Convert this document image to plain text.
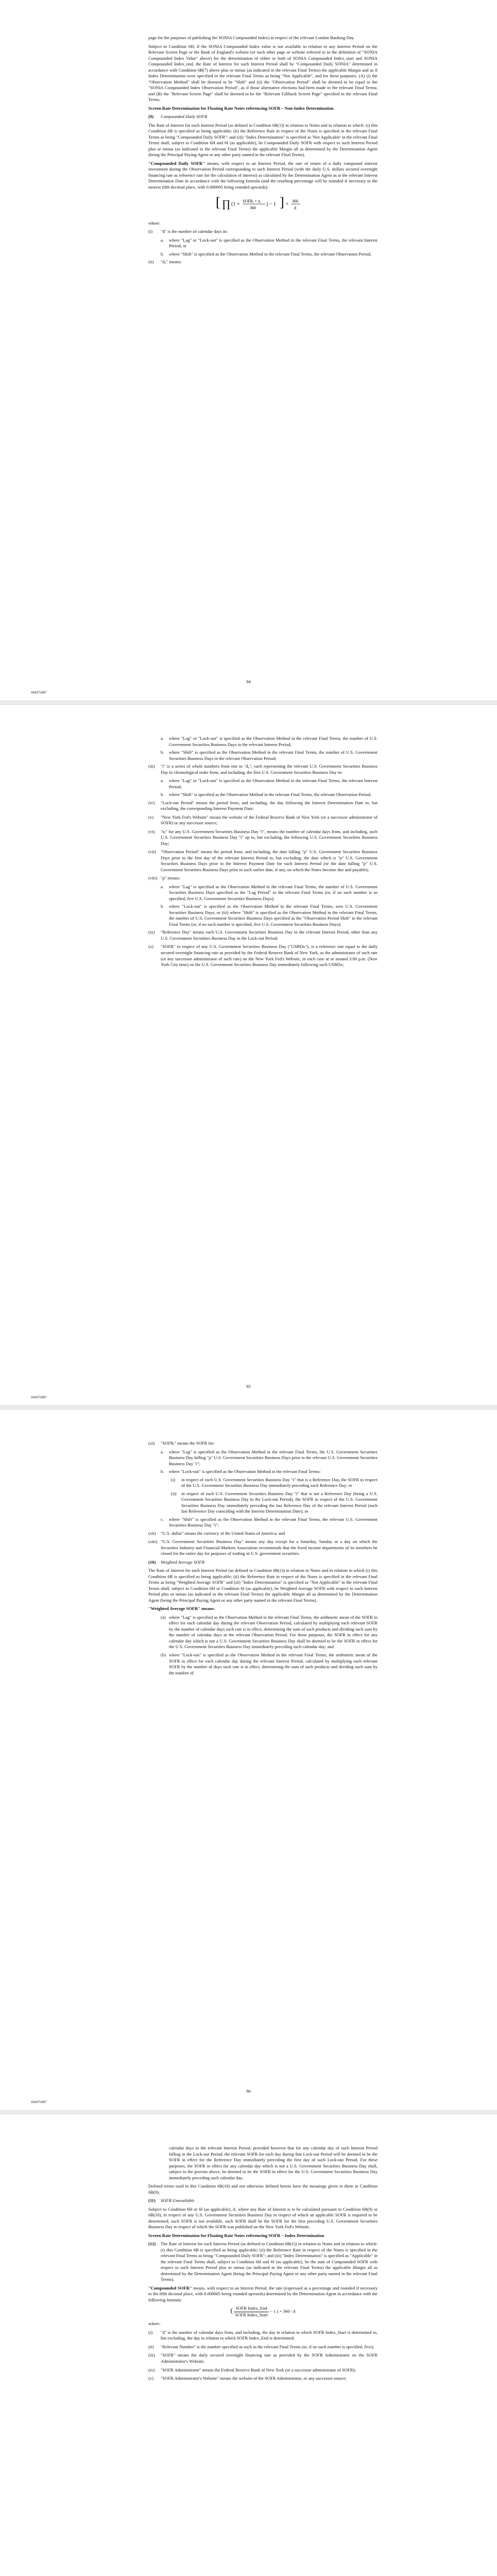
page for the purposes of publishing the SONIA Compounded Index) in respect of the relevant London Banking Day.

Subject to Condition 6H, if the SONIA Compounded Index value is not available in relation to any Interest Period on the Relevant Screen Page or the Bank of England's website (or such other page or website referred to in the definition of "SONIA Compounded Index Value" above) for the determination of either or both of SONIA Compounded Index_start and SONIA Compounded Index_end, the Rate of Interest for such Interest Period shall be "Compounded Daily SONIA" determined in accordance with Condition 6B(7) above plus or minus (as indicated in the relevant Final Terms) the applicable Margin and as if Index Determination were specified in the relevant Final Terms as being "Not Applicable", and for these purposes: (A) (i) the "Observation Method" shall be deemed to be "Shift" and (ii) the "Observation Period" shall be deemed to be equal to the "SONIA Compounded Index Observation Period", as if those alternative elections had been made in the relevant Final Terms; and (B) the "Relevant Screen Page" shall be deemed to be the "Relevant Fallback Screen Page" specified in the relevant Final Terms.

Screen Rate Determination for Floating Rate Notes referencing SOFR – Non-Index Determination
(9)	Compounded Daily SOFR

The Rate of Interest for each Interest Period (as defined in Condition 6B(1)) in relation to Notes and in relation to which: (i) this Condition 6B is specified as being applicable; (ii) the Reference Rate in respect of the Notes is specified in the relevant Final Terms as being "Compounded Daily SOFR"; and (iii) "Index Determination" is specified as 'Not Applicable' in the relevant Final Terms shall, subject to Condition 6H and 6I (as applicable), be Compounded Daily SOFR with respect to such Interest Period plus or minus (as indicated in the relevant Final Terms) the applicable Margin all as determined by the Determination Agent (being the Principal Paying Agent or any other party named in the relevant Final Terms).

"Compounded Daily SOFR" means, with respect to an Interest Period, the rate of return of a daily compound interest investment during the Observation Period corresponding to such Interest Period (with the daily U.S. dollars secured overnight financing rate as reference rate for the calculation of interest) as calculated by the Determination Agent as at the relevant Interest Determination Date in accordance with the following formula (and the resulting percentage will be rounded if necessary to the nearest fifth decimal place, with 0.000005 being rounded upwards):

[ ∏ (1 +
SOFRᵢ × nᵢ
360
) − 1 ] ×
360
d

where:

(i)	"d" is the number of calendar days in:
a.	where "Lag" or "Lock-out" is specified as the Observation Method in the relevant Final Terms, the relevant Interest Period; or
b.	where "Shift" is specified as the Observation Method in the relevant Final Terms, the relevant Observation Period;
(ii)	"d₀" means:
94
A54371667
a.	where "Lag" or "Lock-out" is specified as the Observation Method in the relevant Final Terms, the number of U.S. Government Securities Business Days in the relevant Interest Period;
b.	where "Shift" is specified as the Observation Method in the relevant Final Terms, the number of U.S. Government Securities Business Days in the relevant Observation Period;
(iii)	"i" is a series of whole numbers from one to "d₀", each representing the relevant U.S. Government Securities Business Day in chronological order from, and including, the first U.S. Government Securities Business Day in:
a.	where "Lag" or "Lock-out" is specified as the Observation Method in the relevant Final Terms, the relevant Interest Period;
b.	where "Shift" is specified as the Observation Method in the relevant Final Terms, the relevant Observation Period;
(iv)	"Lock-out Period" means the period from, and including, the day following the Interest Determination Date to, but excluding, the corresponding Interest Payment Date;
(v)	"New York Fed's Website" means the website of the Federal Reserve Bank of New York (or a successor administrator of SOFR) or any successor source;
(vi)	"nᵢ" for any U.S. Government Securities Business Day "i", means the number of calendar days from, and including, such U.S. Government Securities Business Day "i" up to, but excluding, the following U.S. Government Securities Business Day;
(vii)	"Observation Period" means the period from, and including, the date falling "p" U.S. Government Securities Business Days prior to the first day of the relevant Interest Period to, but excluding, the date which is "p" U.S. Government Securities Business Days prior to the Interest Payment Date for such Interest Period (or the date falling "p" U.S. Government Securities Business Days prior to such earlier date, if any, on which the Notes become due and payable);
(viii) "p" means:
a.	where "Lag" is specified as the Observation Method in the relevant Final Terms, the number of U.S. Government Securities Business Days specified as the "Lag Period" in the relevant Final Terms (or, if no such number is so specified, five U.S. Government Securities Business Days);
b.	where "Lock-out" is specified as the Observation Method in the relevant Final Terms, zero U.S. Government Securities Business Days; or (iii) where "Shift" is specified as the Observation Method in the relevant Final Terms, the number of U.S. Government Securities Business Days specified as the "Observation Period Shift" in the relevant Final Terms (or, if no such number is specified, five U.S. Government Securities Business Days);
(ix)	"Reference Day" means each U.S. Government Securities Business Day in the relevant Interest Period, other than any U.S. Government Securities Business Day in the Lock-out Period;
(x)	"SOFR" in respect of any U.S. Government Securities Business Day ("USBDx"), is a reference rate equal to the daily secured overnight financing rate as provided by the Federal Reserve Bank of New York, as the administrator of such rate (or any successor administrator of such rate) on the New York Fed's Website, in each case at or around 3.00 p.m. (New York City time) on the U.S. Government Securities Business Day immediately following such USBDx;
95
A54371667
(xi)	"SOFRᵢ" means the SOFR for:
a.	where "Lag" is specified as the Observation Method in the relevant Final Terms, the U.S. Government Securities Business Day falling "p" U.S. Government Securities Business Days prior to the relevant U.S. Government Securities Business Day "i";
b.	where "Lock-out" is specified as the Observation Method in the relevant Final Terms:
(i)	in respect of each U.S. Government Securities Business Day "i" that is a Reference Day, the SOFR in respect of the U.S. Government Securities Business Day immediately preceding such Reference Day; or
(ii)	in respect of each U.S. Government Securities Business Day "i" that is not a Reference Day (being a U.S. Government Securities Business Day in the Lock-out Period), the SOFR in respect of the U.S. Government Securities Business Day immediately preceding the last Reference Day of the relevant Interest Period (such last Reference Day coinciding with the Interest Determination Date); or
c.	where "Shift" is specified as the Observation Method in the relevant Final Terms, the relevant U.S. Government Securities Business Day "i";
(xii)	"U.S. dollar" means the currency of the United States of America; and
(xiii) "U.S. Government Securities Business Day" means any day except for a Saturday, Sunday or a day on which the Securities Industry and Financial Markets Association recommends that the fixed income departments of its members be closed for the entire day for purposes of trading in U.S. government securities.
(10)	Weighted Average SOFR

The Rate of Interest for each Interest Period (as defined in Condition 6B(1)) in relation to Notes and in relation to which (i) this Condition 6B is specified as being applicable; (ii) the Reference Rate in respect of the Notes is specified in the relevant Final Terms as being "Weighted Average SOFR" and (iii) "Index Determination" is specified as "Not Applicable" in the relevant Final Terms shall, subject to Condition 6H or Condition 6I (as applicable), be Weighted Average SOFR with respect to such Interest Period plus or minus (as indicated in the relevant Final Terms) the applicable Margin all as determined by the Determination Agent (being the Principal Paying Agent or any other party named in the relevant Final Terms).

"Weighted Average SOFR" means:

(a) where "Lag" is specified as the Observation Method in the relevant Final Terms, the arithmetic mean of the SOFR in effect for each calendar day during the relevant Observation Period, calculated by multiplying each relevant SOFR by the number of calendar days such rate is in effect, determining the sum of such products and dividing such sum by the number of calendar days in the relevant Observation Period. For these purposes, the SOFR in effect for any calendar day which is not a U.S. Government Securities Business Day shall be deemed to be the SOFR in effect for the U.S. Government Securities Business Day immediately preceding such calendar day; and
(b) where "Lock-out" is specified as the Observation Method in the relevant Final Terms, the arithmetic mean of the SOFR in effect for each calendar day during the relevant Interest Period, calculated by multiplying each relevant SOFR by the number of days such rate is in effect, determining the sum of such products and dividing such sum by the number of
96
A54371667

calendar days in the relevant Interest Period, provided however that for any calendar day of such Interest Period falling in the Lock-out Period, the relevant SOFR for each day during that Lock-out Period will be deemed to be the SOFR in effect for the Reference Day immediately preceding the first day of such Lock-out Period. For these purposes, the SOFR in effect for any calendar day which is not a U.S. Government Securities Business Day shall, subject to the proviso above, be deemed to be the SOFR in effect for the U.S. Government Securities Business Day immediately preceding such calendar day.

Defined terms used in this Condition 6B(10) and not otherwise defined herein have the meanings given to them in Condition 6B(9).

(11)	SOFR Unavailable

Subject to Condition 6H or 6I (as applicable), if, where any Rate of Interest is to be calculated pursuant to Condition 6B(9) or 6B(10), in respect of any U.S. Government Securities Business Day in respect of which an applicable SOFR is required to be determined, such SOFR is not available, such SOFR shall be the SOFR for the first preceding U.S. Government Securities Business Day in respect of which the SOFR was published on the New York Fed's Website.

Screen Rate Determination for Floating Rate Notes referencing SOFR – Index Determination
(12)	The Rate of Interest for each Interest Period (as defined in Condition 6B(1)) in relation to Notes and in relation to which: (i) this Condition 6B is specified as being applicable; (ii) the Reference Rate in respect of the Notes is specified in the relevant Final Terms as being "Compounded Daily SOFR"; and (iii) "Index Determination" is specified as "Applicable" in the relevant Final Terms shall, subject to Condition 6H and 6I (as applicable), be the sum of Compounded SOFR with respect to such Interest Period plus or minus (as indicated in the relevant Final Terms) the applicable Margin all as determined by the Determination Agent (being the Principal Paying Agent or any other party named in the relevant Final Terms).

"Compounded SOFR" means, with respect to an Interest Period, the rate (expressed as a percentage and rounded if necessary to the fifth decimal place, with 0.000005 being rounded upwards) determined by the Determination Agent in accordance with the following formula:

( $\frac{\text{SOFR Index\_End}}{\text{SOFR Index\_Start}} - 1$ ) × 360 / d

where:

(i)	"d" is the number of calendar days from, and including, the day in relation to which SOFR Index_Start is determined to, but excluding, the day in relation to which SOFR Index_End is determined;
(ii)	"Relevant Number" is the number specified as such in the relevant Final Terms (or, if no such number is specified, five);
(iii)	"SOFR" means the daily secured overnight financing rate as provided by the SOFR Administrator on the SOFR Administrator's Website;
(iv)	"SOFR Administrator" means the Federal Reserve Bank of New York (or a successor administrator of SOFR);
(v)	"SOFR Administrator's Website" means the website of the SOFR Administrator, or any successor source;
